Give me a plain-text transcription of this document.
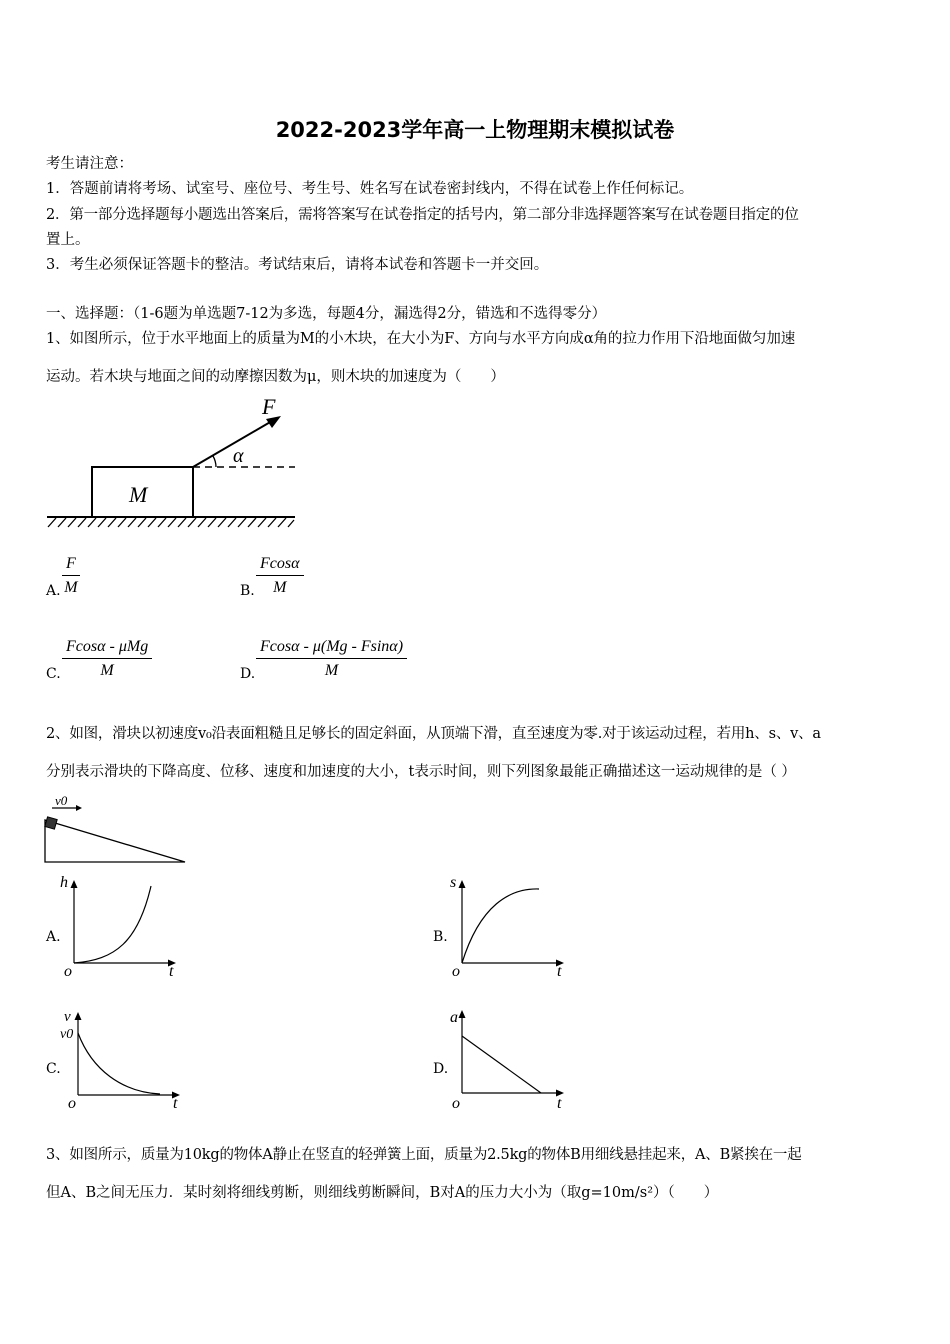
2022-2023学年高一上物理期末模拟试卷
考生请注意：
1．答题前请将考场、试室号、座位号、考生号、姓名写在试卷密封线内，不得在试卷上作任何标记。
2．第一部分选择题每小题选出答案后，需将答案写在试卷指定的括号内，第二部分非选择题答案写在试卷题目指定的位
置上。
3．考生必须保证答题卡的整洁。考试结束后，请将本试卷和答题卡一并交回。
一、选择题：（1-6题为单选题7-12为多选，每题4分，漏选得2分，错选和不选得零分）
1、如图所示，位于水平地面上的质量为M的小木块，在大小为F、方向与水平方向成α角的拉力作用下沿地面做匀加速
运动。若木块与地面之间的动摩擦因数为μ，则木块的加速度为（　　）
F
α
M
A. $\frac{F}{M}$	B. $\frac{Fcos\alpha}{M}$
C.
Fcosα - μMg
M	D. $\frac{Fcos\alpha - \mu(Mg - Fsin\alpha)}{M}$
2、如图，滑块以初速度v₀沿表面粗糙且足够长的固定斜面，从顶端下滑，直至速度为零.对于该运动过程，若用h、s、v、a
分别表示滑块的下降高度、位移、速度和加速度的大小，t表示时间，则下列图象最能正确描述这一运动规律的是（ ）
v0
A.
h
t
o
B.
s
t
o
C.
v
v0
t
o
D.
a
t
o
3、如图所示，质量为10kg的物体A静止在竖直的轻弹簧上面，质量为2.5kg的物体B用细线悬挂起来，A、B紧挨在一起
但A、B之间无压力．某时刻将细线剪断，则细线剪断瞬间，B对A的压力大小为（取g=10m/s²）（　　）
